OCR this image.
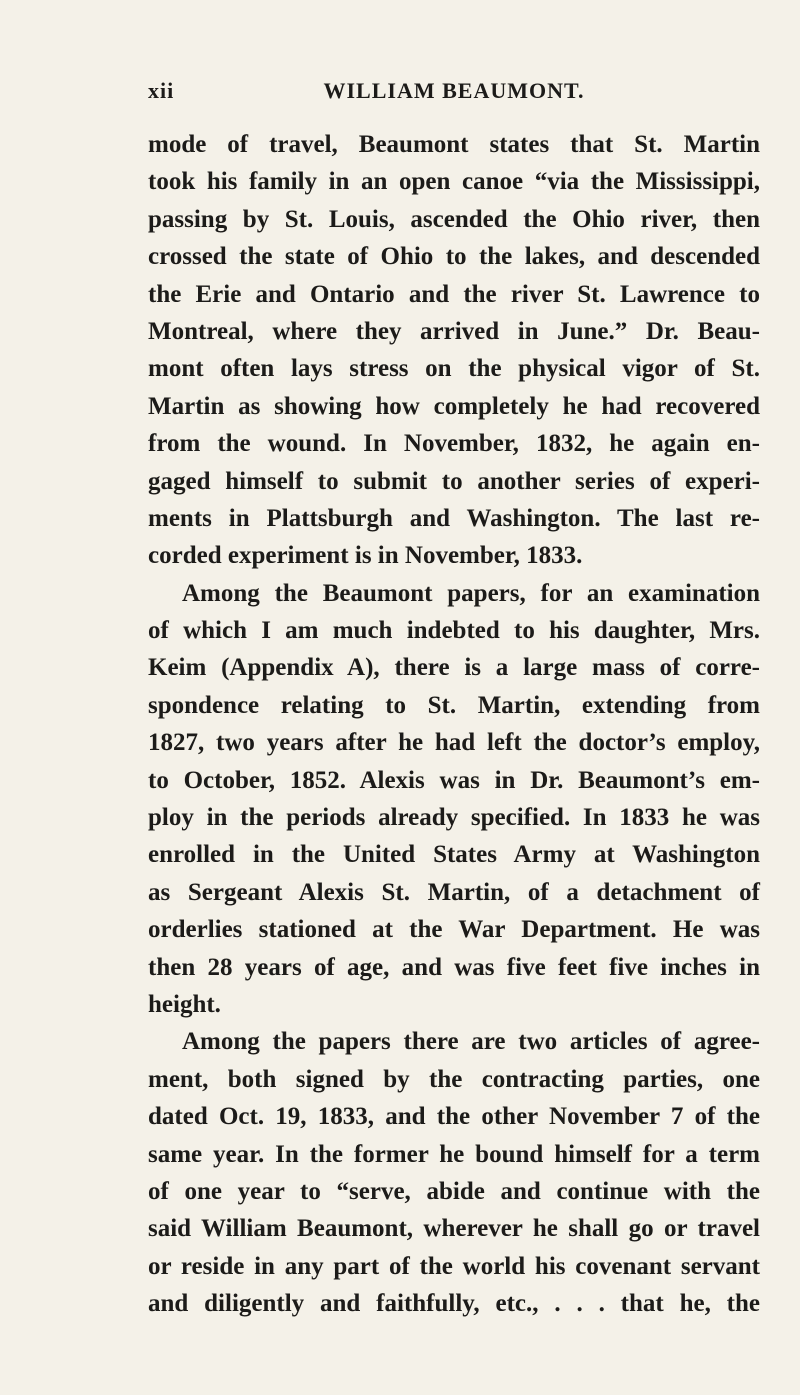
xii	WILLIAM BEAUMONT.
mode of travel, Beaumont states that St. Martin
took his family in an open canoe “via the Mississippi,
passing by St. Louis, ascended the Ohio river, then
crossed the state of Ohio to the lakes, and descended
the Erie and Ontario and the river St. Lawrence to
Montreal, where they arrived in June.” Dr. Beau-
mont often lays stress on the physical vigor of St.
Martin as showing how completely he had recovered
from the wound. In November, 1832, he again en-
gaged himself to submit to another series of experi-
ments in Plattsburgh and Washington. The last re-
corded experiment is in November, 1833.
Among the Beaumont papers, for an examination
of which I am much indebted to his daughter, Mrs.
Keim (Appendix A), there is a large mass of corre-
spondence relating to St. Martin, extending from
1827, two years after he had left the doctor’s employ,
to October, 1852. Alexis was in Dr. Beaumont’s em-
ploy in the periods already specified. In 1833 he was
enrolled in the United States Army at Washington
as Sergeant Alexis St. Martin, of a detachment of
orderlies stationed at the War Department. He was
then 28 years of age, and was five feet five inches in
height.
Among the papers there are two articles of agree-
ment, both signed by the contracting parties, one
dated Oct. 19, 1833, and the other November 7 of the
same year. In the former he bound himself for a term
of one year to “serve, abide and continue with the
said William Beaumont, wherever he shall go or travel
or reside in any part of the world his covenant servant
and diligently and faithfully, etc., . . . that he, the
